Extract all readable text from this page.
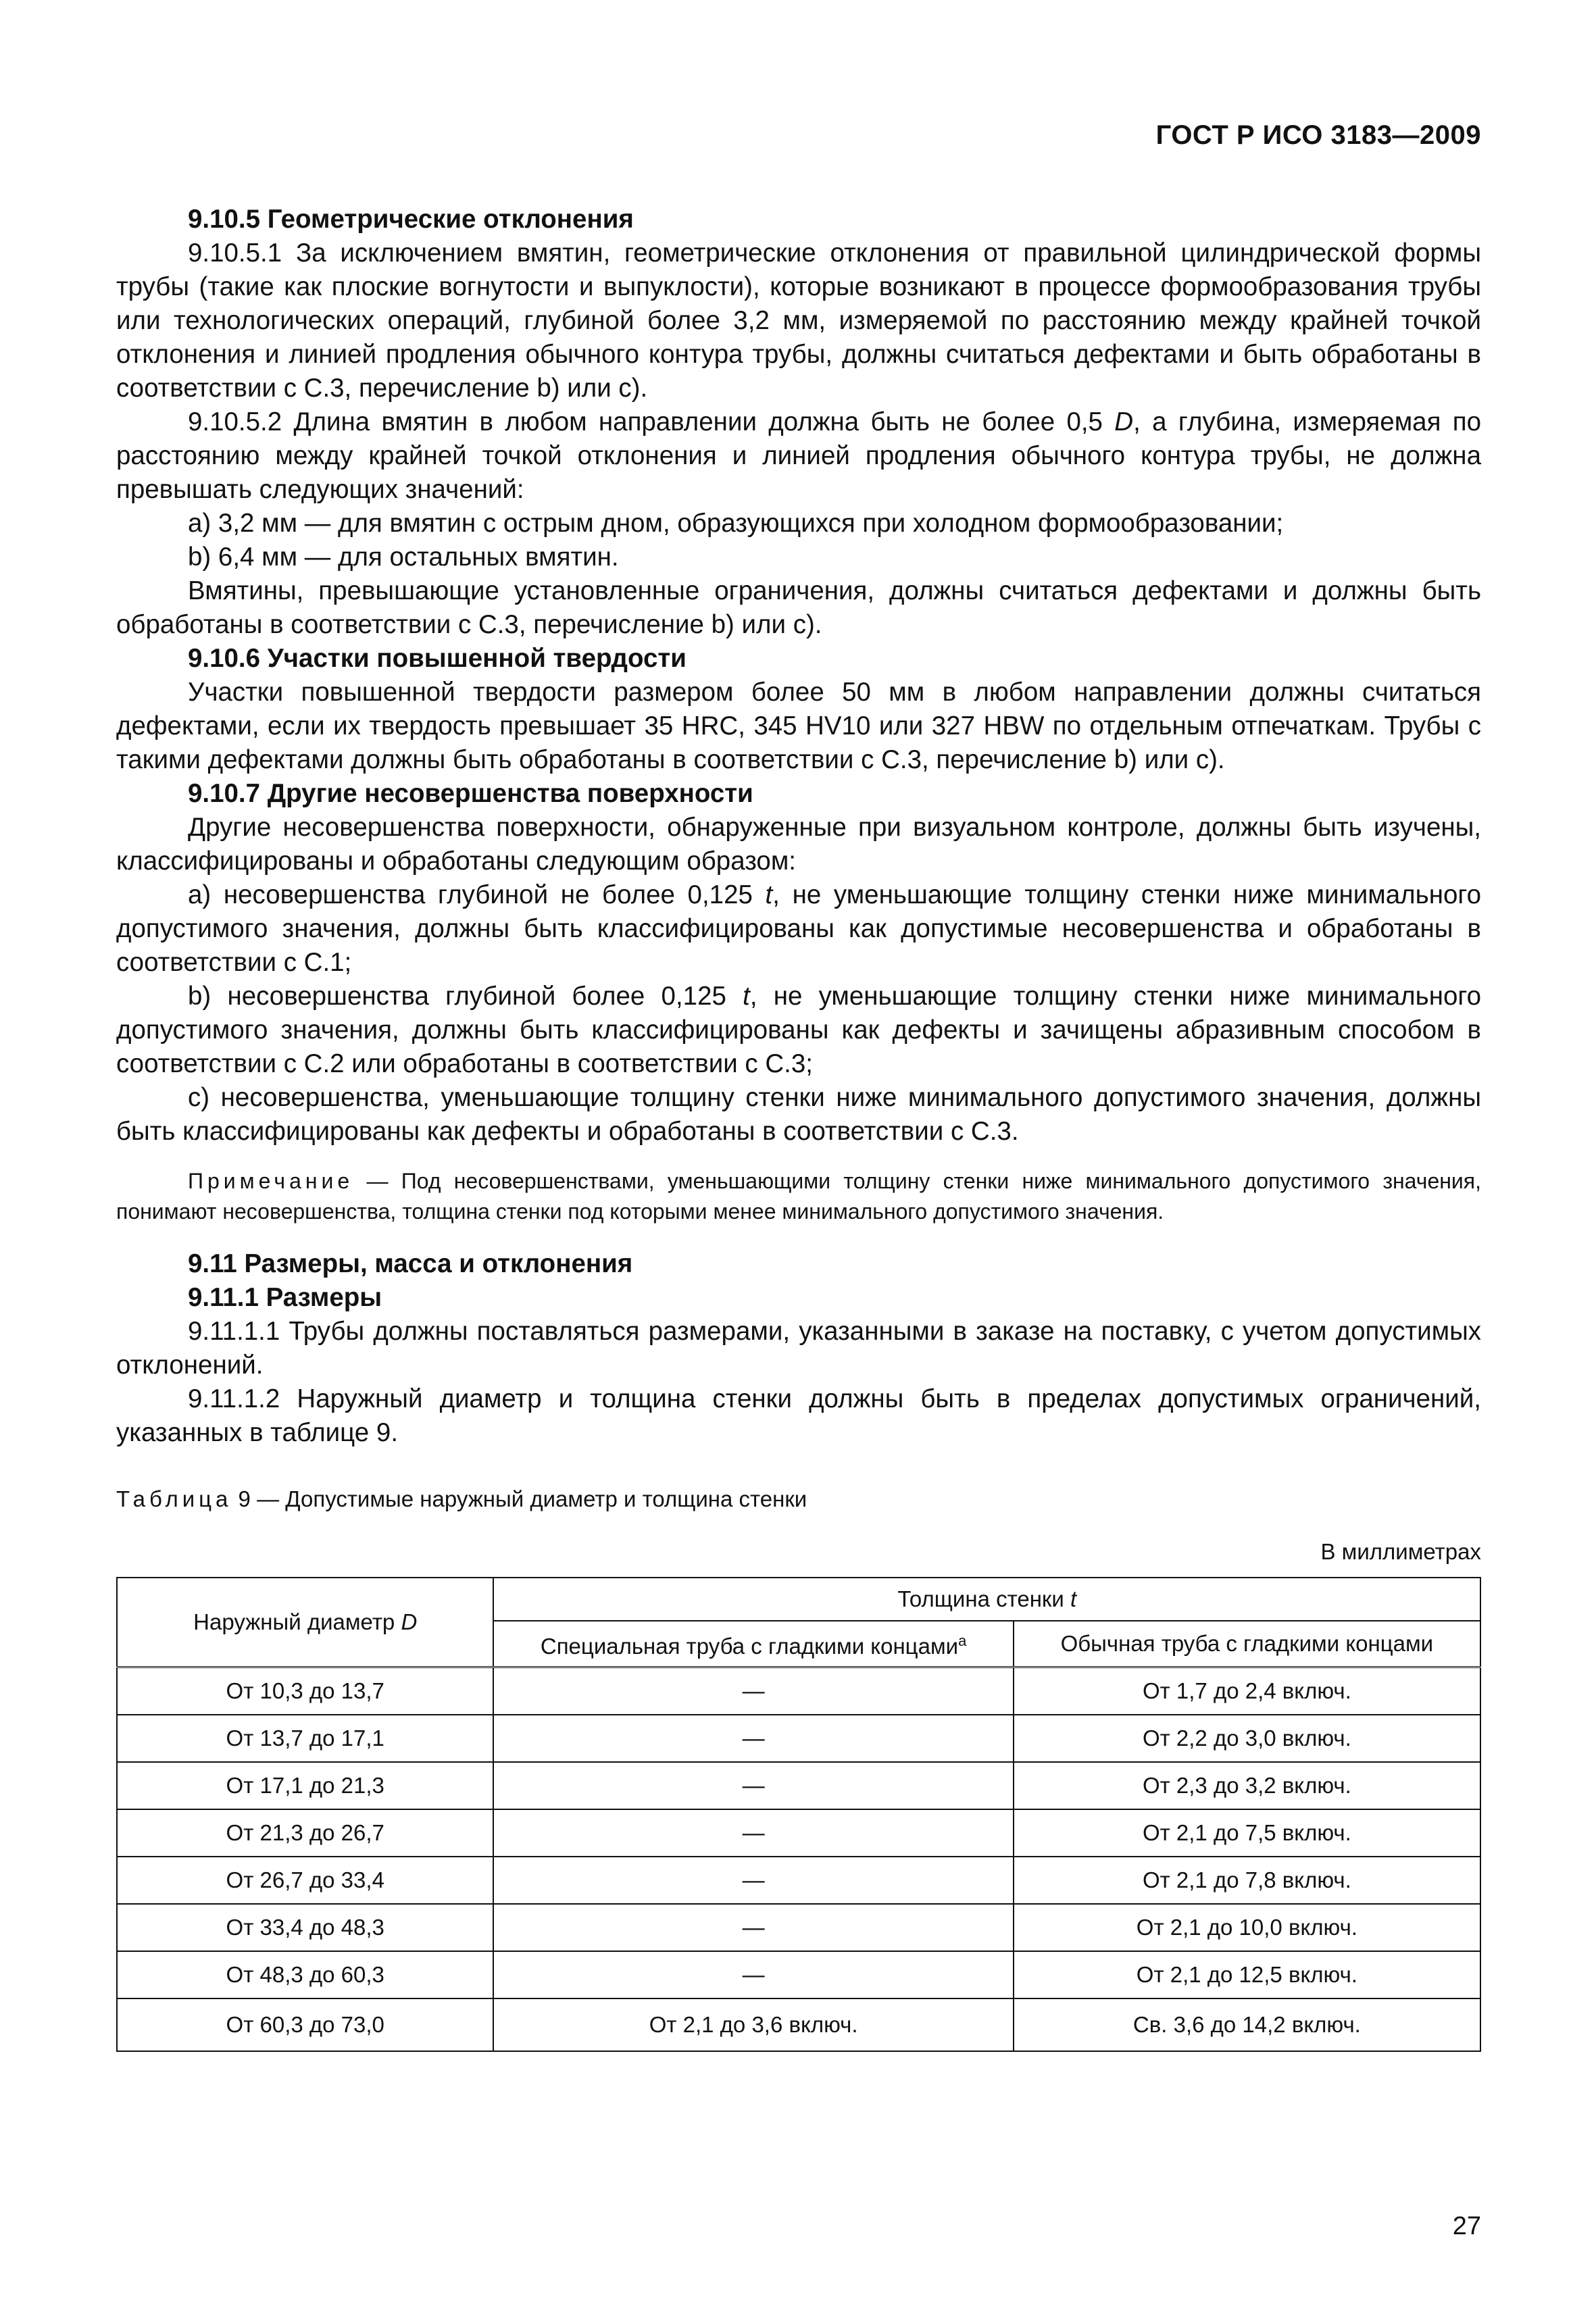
ГОСТ Р ИСО 3183—2009

9.10.5 Геометрические отклонения

9.10.5.1 За исключением вмятин, геометрические отклонения от правильной цилиндрической формы трубы (такие как плоские вогнутости и выпуклости), которые возникают в процессе формообразования трубы или технологических операций, глубиной более 3,2 мм, измеряемой по расстоянию между крайней точкой отклонения и линией продления обычного контура трубы, должны считаться дефектами и быть обработаны в соответствии с С.3, перечисление b) или c).

9.10.5.2 Длина вмятин в любом направлении должна быть не более 0,5 D, а глубина, измеряемая по расстоянию между крайней точкой отклонения и линией продления обычного контура трубы, не должна превышать следующих значений:

a) 3,2 мм — для вмятин с острым дном, образующихся при холодном формообразовании;

b) 6,4 мм — для остальных вмятин.

Вмятины, превышающие установленные ограничения, должны считаться дефектами и должны быть обработаны в соответствии с С.3, перечисление b) или c).

9.10.6 Участки повышенной твердости

Участки повышенной твердости размером более 50 мм в любом направлении должны считаться дефектами, если их твердость превышает 35 HRC, 345 HV10 или 327 HBW по отдельным отпечаткам. Трубы с такими дефектами должны быть обработаны в соответствии с С.3, перечисление b) или c).

9.10.7 Другие несовершенства поверхности

Другие несовершенства поверхности, обнаруженные при визуальном контроле, должны быть изучены, классифицированы и обработаны следующим образом:

a) несовершенства глубиной не более 0,125 t, не уменьшающие толщину стенки ниже минимального допустимого значения, должны быть классифицированы как допустимые несовершенства и обработаны в соответствии с С.1;

b) несовершенства глубиной более 0,125 t, не уменьшающие толщину стенки ниже минимального допустимого значения, должны быть классифицированы как дефекты и зачищены абразивным способом в соответствии с С.2 или обработаны в соответствии с С.3;

c) несовершенства, уменьшающие толщину стенки ниже минимального допустимого значения, должны быть классифицированы как дефекты и обработаны в соответствии с С.3.

Примечание — Под несовершенствами, уменьшающими толщину стенки ниже минимального допустимого значения, понимают несовершенства, толщина стенки под которыми менее минимального допустимого значения.

9.11 Размеры, масса и отклонения

9.11.1 Размеры

9.11.1.1 Трубы должны поставляться размерами, указанными в заказе на поставку, с учетом допустимых отклонений.

9.11.1.2 Наружный диаметр и толщина стенки должны быть в пределах допустимых ограничений, указанных в таблице 9.

Таблица 9 — Допустимые наружный диаметр и толщина стенки

В миллиметрах

Наружный диаметр D	Толщина стенки t	
	Специальная труба с гладкими концами$^a$	Обычная труба с гладкими концами
От 10,3 до 13,7	—	От 1,7 до 2,4 включ.
От 13,7 до 17,1	—	От 2,2 до 3,0 включ.
От 17,1 до 21,3	—	От 2,3 до 3,2 включ.
От 21,3 до 26,7	—	От 2,1 до 7,5 включ.
От 26,7 до 33,4	—	От 2,1 до 7,8 включ.
От 33,4 до 48,3	—	От 2,1 до 10,0 включ.
От 48,3 до 60,3	—	От 2,1 до 12,5 включ.
От 60,3 до 73,0	От 2,1 до 3,6 включ.	Св. 3,6 до 14,2 включ.
27
